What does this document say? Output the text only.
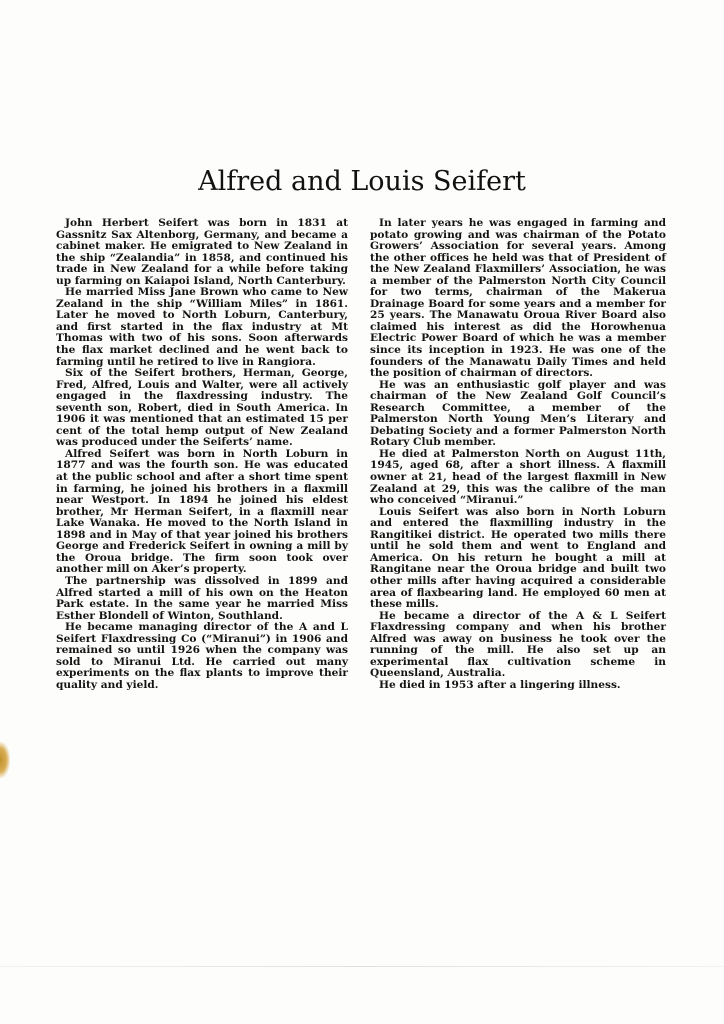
Alfred and Louis Seifert

John Herbert Seifert was born in 1831 at Gassnitz Sax Altenborg, Germany, and became a cabinet maker. He emigrated to New Zealand in the ship “Zealandia” in 1858, and continued his trade in New Zealand for a while before taking up farming on Kaiapoi Island, North Canterbury.

He married Miss Jane Brown who came to New Zealand in the ship “William Miles” in 1861. Later he moved to North Loburn, Canterbury, and first started in the flax industry at Mt Thomas with two of his sons. Soon afterwards the flax market declined and he went back to farming until he retired to live in Rangiora.

Six of the Seifert brothers, Herman, George, Fred, Alfred, Louis and Walter, were all actively engaged in the flaxdressing industry. The seventh son, Robert, died in South America. In 1906 it was mentioned that an estimated 15 per cent of the total hemp output of New Zealand was produced under the Seiferts’ name.

Alfred Seifert was born in North Loburn in 1877 and was the fourth son. He was educated at the public school and after a short time spent in farming, he joined his brothers in a flaxmill near Westport. In 1894 he joined his eldest brother, Mr Herman Seifert, in a flaxmill near Lake Wanaka. He moved to the North Island in 1898 and in May of that year joined his brothers George and Frederick Seifert in owning a mill by the Oroua bridge. The firm soon took over another mill on Aker’s property.

The partnership was dissolved in 1899 and Alfred started a mill of his own on the Heaton Park estate. In the same year he married Miss Esther Blondell of Winton, Southland.

He became managing director of the A and L Seifert Flaxdressing Co (“Miranui”) in 1906 and remained so until 1926 when the company was sold to Miranui Ltd. He carried out many experiments on the flax plants to improve their quality and yield.

In later years he was engaged in farming and potato growing and was chairman of the Potato Growers’ Association for several years. Among the other offices he held was that of President of the New Zealand Flaxmillers’ Association, he was a member of the Palmerston North City Council for two terms, chairman of the Makerua Drainage Board for some years and a member for 25 years. The Manawatu Oroua River Board also claimed his interest as did the Horowhenua Electric Power Board of which he was a member since its inception in 1923. He was one of the founders of the Manawatu Daily Times and held the position of chairman of directors.

He was an enthusiastic golf player and was chairman of the New Zealand Golf Council’s Research Committee, a member of the Palmerston North Young Men’s Literary and Debating Society and a former Palmerston North Rotary Club member.

He died at Palmerston North on August 11th, 1945, aged 68, after a short illness. A flaxmill owner at 21, head of the largest flaxmill in New Zealand at 29, this was the calibre of the man who conceived “Miranui.”

Louis Seifert was also born in North Loburn and entered the flaxmilling industry in the Rangitikei district. He operated two mills there until he sold them and went to England and America. On his return he bought a mill at Rangitane near the Oroua bridge and built two other mills after having acquired a considerable area of flaxbearing land. He employed 60 men at these mills.

He became a director of the A & L Seifert Flaxdressing company and when his brother Alfred was away on business he took over the running of the mill. He also set up an experimental flax cultivation scheme in Queensland, Australia.

He died in 1953 after a lingering illness.
